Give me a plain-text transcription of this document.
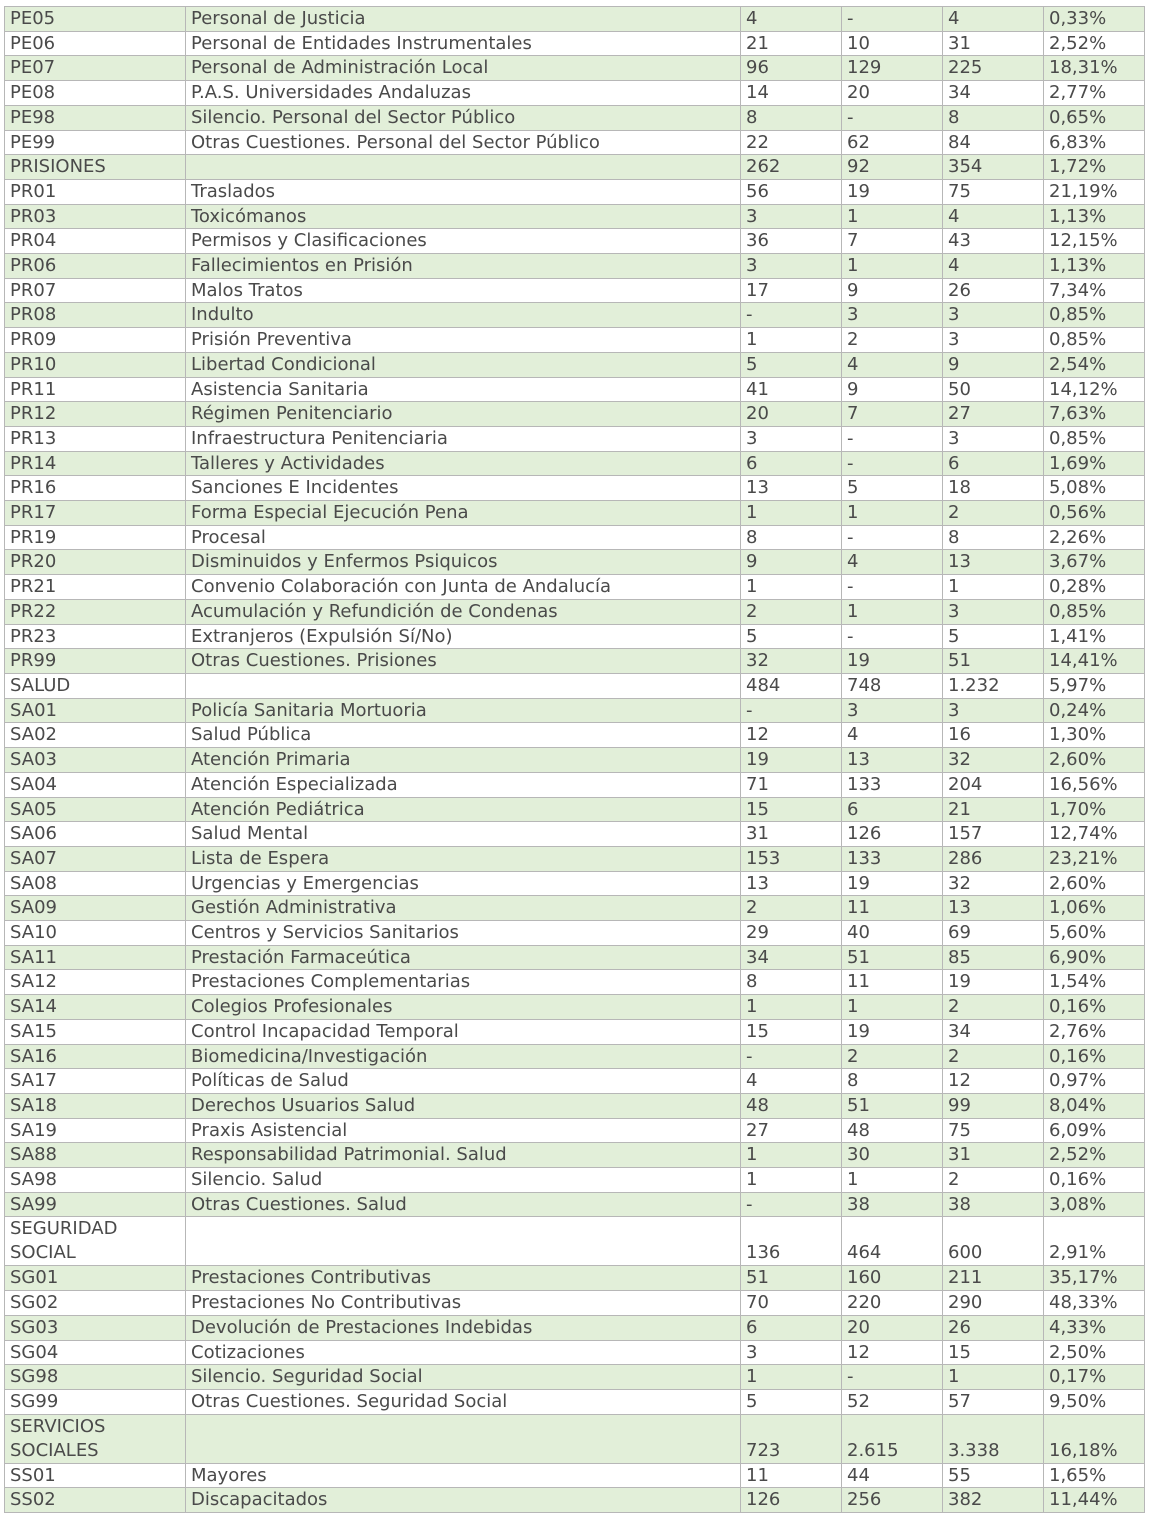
PE05	Personal de Justicia	4	-	4	0,33%
PE06	Personal de Entidades Instrumentales	21	10	31	2,52%
PE07	Personal de Administración Local	96	129	225	18,31%
PE08	P.A.S. Universidades Andaluzas	14	20	34	2,77%
PE98	Silencio. Personal del Sector Público	8	-	8	0,65%
PE99	Otras Cuestiones. Personal del Sector Público	22	62	84	6,83%
PRISIONES		262	92	354	1,72%
PR01	Traslados	56	19	75	21,19%
PR03	Toxicómanos	3	1	4	1,13%
PR04	Permisos y Clasificaciones	36	7	43	12,15%
PR06	Fallecimientos en Prisión	3	1	4	1,13%
PR07	Malos Tratos	17	9	26	7,34%
PR08	Indulto	-	3	3	0,85%
PR09	Prisión Preventiva	1	2	3	0,85%
PR10	Libertad Condicional	5	4	9	2,54%
PR11	Asistencia Sanitaria	41	9	50	14,12%
PR12	Régimen Penitenciario	20	7	27	7,63%
PR13	Infraestructura Penitenciaria	3	-	3	0,85%
PR14	Talleres y Actividades	6	-	6	1,69%
PR16	Sanciones E Incidentes	13	5	18	5,08%
PR17	Forma Especial Ejecución Pena	1	1	2	0,56%
PR19	Procesal	8	-	8	2,26%
PR20	Disminuidos y Enfermos Psiquicos	9	4	13	3,67%
PR21	Convenio Colaboración con Junta de Andalucía	1	-	1	0,28%
PR22	Acumulación y Refundición de Condenas	2	1	3	0,85%
PR23	Extranjeros (Expulsión Sí/No)	5	-	5	1,41%
PR99	Otras Cuestiones. Prisiones	32	19	51	14,41%
SALUD		484	748	1.232	5,97%
SA01	Policía Sanitaria Mortuoria	-	3	3	0,24%
SA02	Salud Pública	12	4	16	1,30%
SA03	Atención Primaria	19	13	32	2,60%
SA04	Atención Especializada	71	133	204	16,56%
SA05	Atención Pediátrica	15	6	21	1,70%
SA06	Salud Mental	31	126	157	12,74%
SA07	Lista de Espera	153	133	286	23,21%
SA08	Urgencias y Emergencias	13	19	32	2,60%
SA09	Gestión Administrativa	2	11	13	1,06%
SA10	Centros y Servicios Sanitarios	29	40	69	5,60%
SA11	Prestación Farmaceútica	34	51	85	6,90%
SA12	Prestaciones Complementarias	8	11	19	1,54%
SA14	Colegios Profesionales	1	1	2	0,16%
SA15	Control Incapacidad Temporal	15	19	34	2,76%
SA16	Biomedicina/Investigación	-	2	2	0,16%
SA17	Políticas de Salud	4	8	12	0,97%
SA18	Derechos Usuarios Salud	48	51	99	8,04%
SA19	Praxis Asistencial	27	48	75	6,09%
SA88	Responsabilidad Patrimonial. Salud	1	30	31	2,52%
SA98	Silencio. Salud	1	1	2	0,16%
SA99	Otras Cuestiones. Salud	-	38	38	3,08%
SEGURIDAD SOCIAL		136	464	600	2,91%
SG01	Prestaciones Contributivas	51	160	211	35,17%
SG02	Prestaciones No Contributivas	70	220	290	48,33%
SG03	Devolución de Prestaciones Indebidas	6	20	26	4,33%
SG04	Cotizaciones	3	12	15	2,50%
SG98	Silencio. Seguridad Social	1	-	1	0,17%
SG99	Otras Cuestiones. Seguridad Social	5	52	57	9,50%
SERVICIOS SOCIALES		723	2.615	3.338	16,18%
SS01	Mayores	11	44	55	1,65%
SS02	Discapacitados	126	256	382	11,44%
